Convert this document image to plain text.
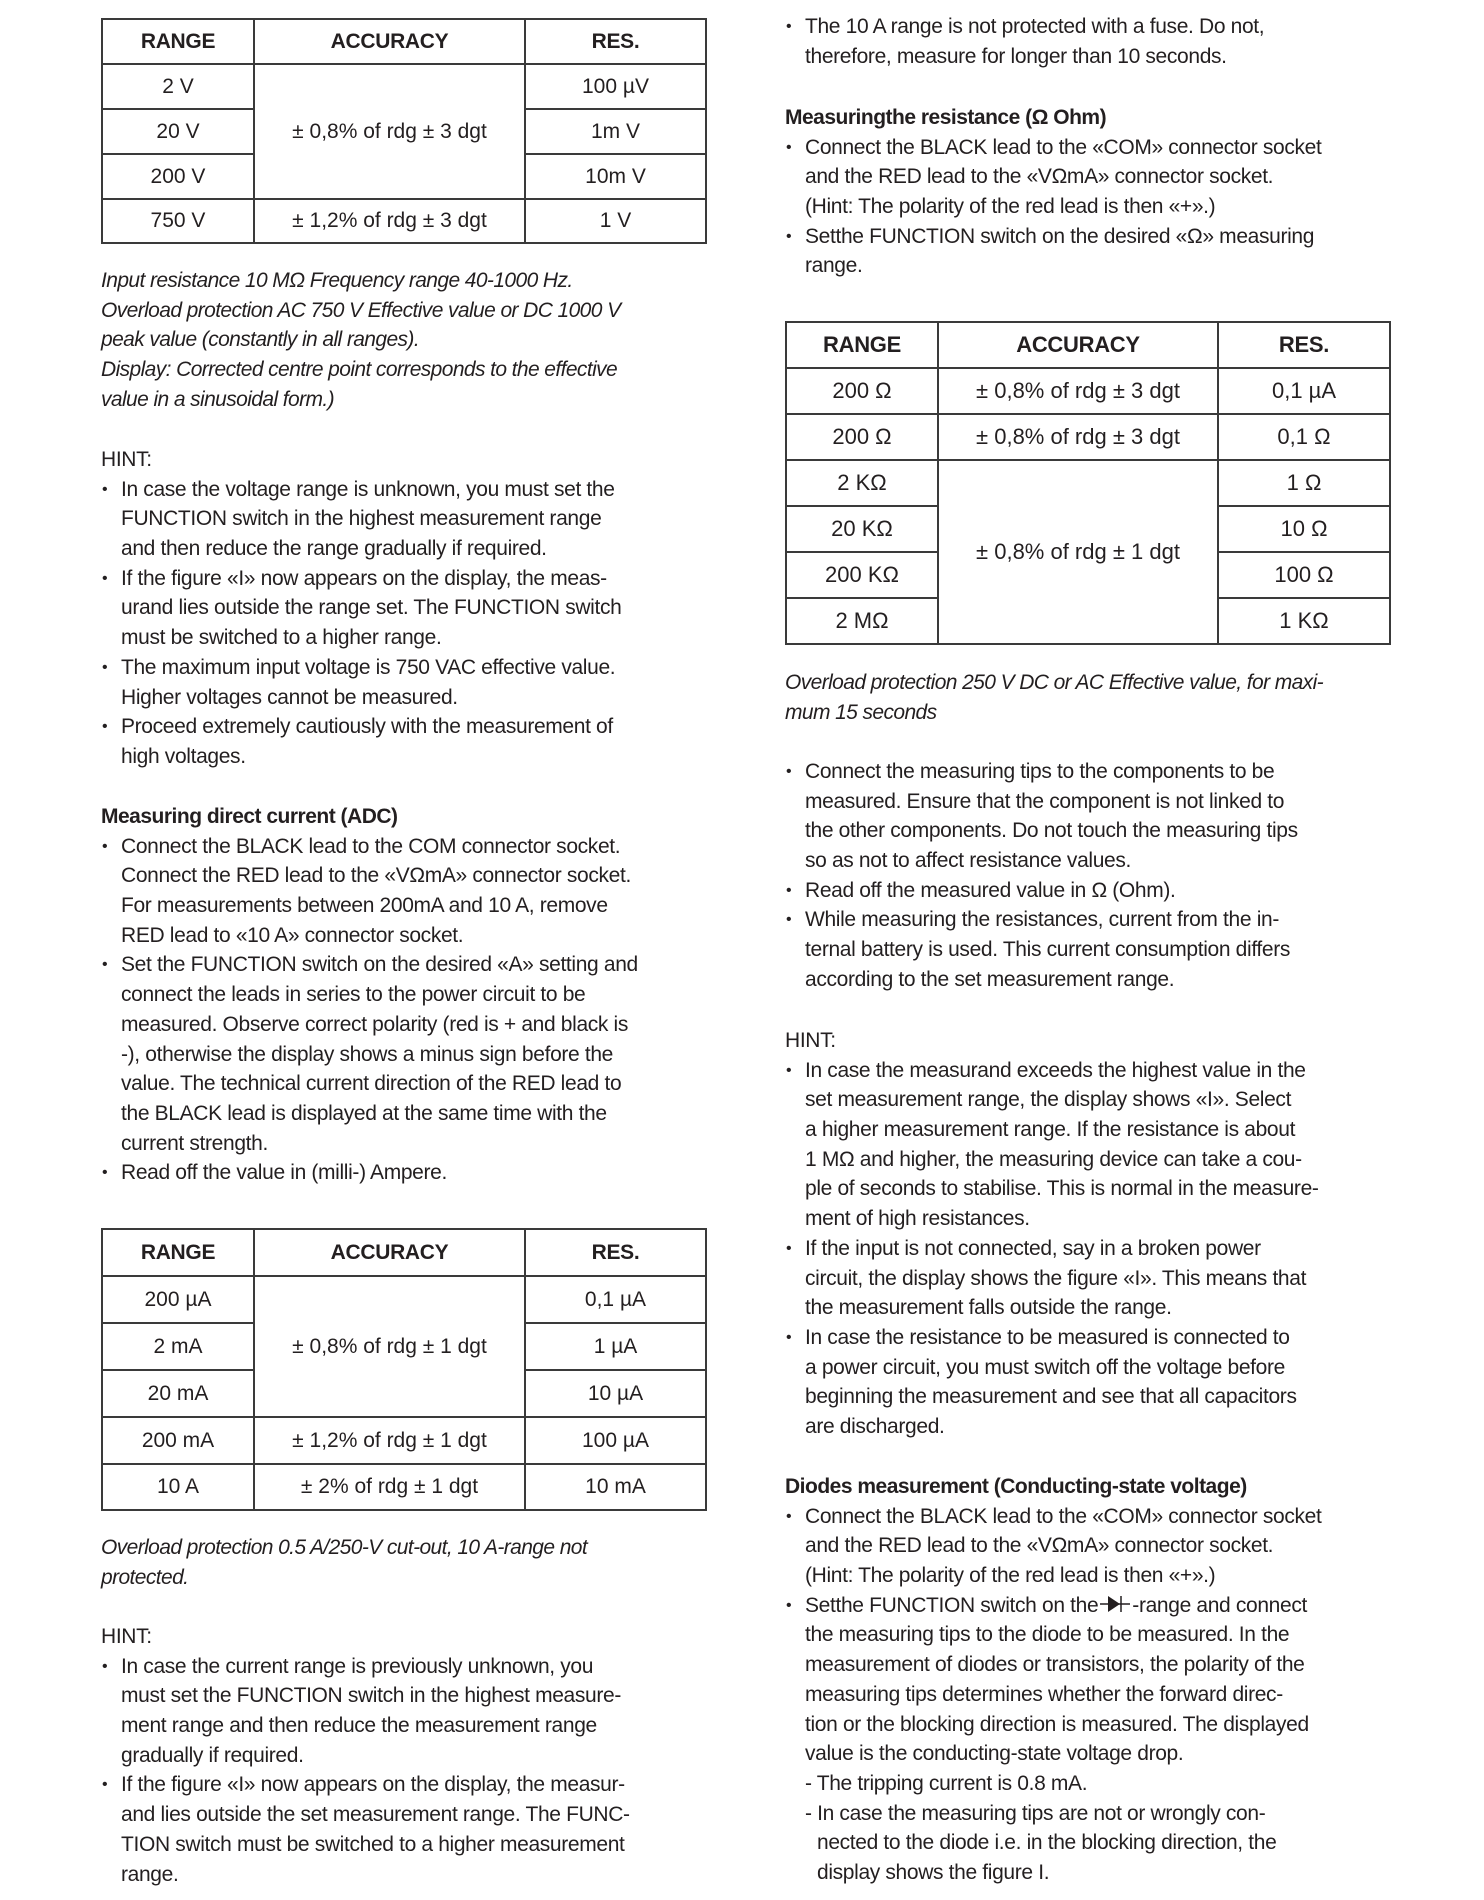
RANGE	ACCURACY	RES.
2 V	± 0,8% of rdg ± 3 dgt	100 µV
20 V		1m V
200 V		10m V
750 V	± 1,2% of rdg ± 3 dgt	1 V
Input resistance 10 MΩ Frequency range 40-1000 Hz.
Overload protection AC 750 V Effective value or DC 1000 V
peak value (constantly in all ranges).
Display: Corrected centre point corresponds to the effective
value in a sinusoidal form.)
HINT:
• In case the voltage range is unknown, you must set the
FUNCTION switch in the highest measurement range
and then reduce the range gradually if required.
• If the figure «I» now appears on the display, the meas-
urand lies outside the range set. The FUNCTION switch
must be switched to a higher range.
• The maximum input voltage is 750 VAC effective value.
Higher voltages cannot be measured.
• Proceed extremely cautiously with the measurement of
high voltages.
Measuring direct current (ADC)
• Connect the BLACK lead to the COM connector socket.
Connect the RED lead to the «VΩmA» connector socket.
For measurements between 200mA and 10 A, remove
RED lead to «10 A» connector socket.
• Set the FUNCTION switch on the desired «A» setting and
connect the leads in series to the power circuit to be
measured. Observe correct polarity (red is + and black is
-), otherwise the display shows a minus sign before the
value. The technical current direction of the RED lead to
the BLACK lead is displayed at the same time with the
current strength.
• Read off the value in (milli-) Ampere.
RANGE	ACCURACY	RES.
200 µA	± 0,8% of rdg ± 1 dgt	0,1 µA
2 mA		1 µA
20 mA		10 µA
200 mA	± 1,2% of rdg ± 1 dgt	100 µA
10 A	± 2% of rdg ± 1 dgt	10 mA
Overload protection 0.5 A/250-V cut-out, 10 A-range not
protected.
HINT:
• In case the current range is previously unknown, you
must set the FUNCTION switch in the highest measure-
ment range and then reduce the measurement range
gradually if required.
• If the figure «I» now appears on the display, the measur-
and lies outside the set measurement range. The FUNC-
TION switch must be switched to a higher measurement
range.
• The 10 A range is not protected with a fuse. Do not,
therefore, measure for longer than 10 seconds.
Measuringthe resistance (Ω Ohm)
• Connect the BLACK lead to the «COM» connector socket
and the RED lead to the «VΩmA» connector socket.
(Hint: The polarity of the red lead is then «+».)
• Setthe FUNCTION switch on the desired «Ω» measuring
range.
RANGE	ACCURACY	RES.
200 Ω	± 0,8% of rdg ± 3 dgt	0,1 µA
200 Ω	± 0,8% of rdg ± 3 dgt	0,1 Ω
2 KΩ	± 0,8% of rdg ± 1 dgt	1 Ω
20 KΩ		10 Ω
200 KΩ		100 Ω
2 MΩ		1 KΩ
Overload protection 250 V DC or AC Effective value, for maxi-
mum 15 seconds
• Connect the measuring tips to the components to be
measured. Ensure that the component is not linked to
the other components. Do not touch the measuring tips
so as not to affect resistance values.
• Read off the measured value in Ω (Ohm).
• While measuring the resistances, current from the in-
ternal battery is used. This current consumption differs
according to the set measurement range.
HINT:
• In case the measurand exceeds the highest value in the
set measurement range, the display shows «I». Select
a higher measurement range. If the resistance is about
1 MΩ and higher, the measuring device can take a cou-
ple of seconds to stabilise. This is normal in the measure-
ment of high resistances.
• If the input is not connected, say in a broken power
circuit, the display shows the figure «I». This means that
the measurement falls outside the range.
• In case the resistance to be measured is connected to
a power circuit, you must switch off the voltage before
beginning the measurement and see that all capacitors
are discharged.
Diodes measurement (Conducting-state voltage)
• Connect the BLACK lead to the «COM» connector socket
and the RED lead to the «VΩmA» connector socket.
(Hint: The polarity of the red lead is then «+».)
• Setthe FUNCTION switch on the -range and connect
the measuring tips to the diode to be measured. In the
measurement of diodes or transistors, the polarity of the
measuring tips determines whether the forward direc-
tion or the blocking direction is measured. The displayed
value is the conducting-state voltage drop.
- The tripping current is 0.8 mA.
- In case the measuring tips are not or wrongly con-
nected to the diode i.e. in the blocking direction, the
display shows the figure I.
